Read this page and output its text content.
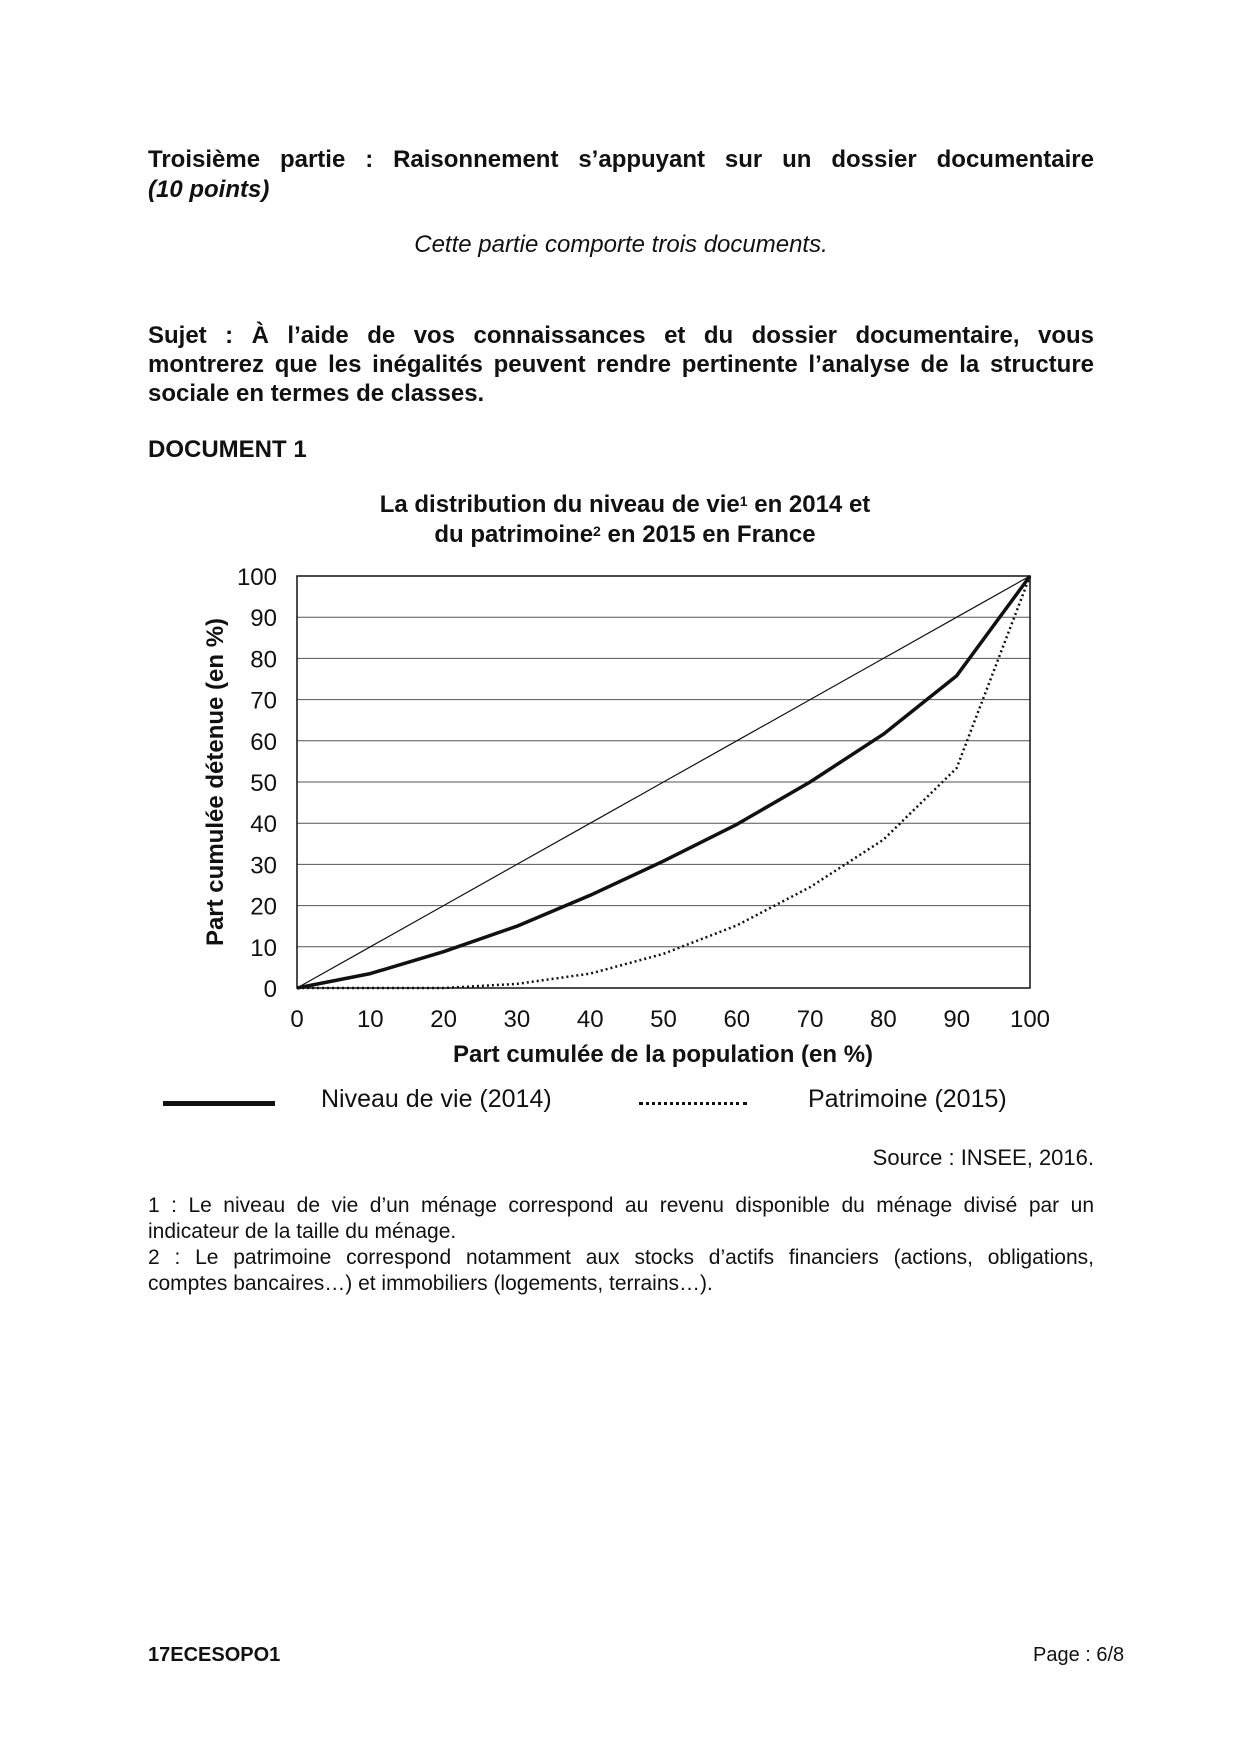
Troisième partie : Raisonnement s’appuyant sur un dossier documentaire
(10 points)
Cette partie comporte trois documents.
Sujet : À l’aide de vos connaissances et du dossier documentaire, vous
montrerez que les inégalités peuvent rendre pertinente l’analyse de la structure
sociale en termes de classes.
DOCUMENT 1
La distribution du niveau de vie$^1$ en 2014 et
du patrimoine$^2$ en 2015 en France
0
10
20
30
40
50
60
70
80
90
100
0 10 20 30 40 50 60 70 80 90 100
Part cumulée détenue (en %)
Part cumulée de la population (en %)
Niveau de vie (2014)	Patrimoine (2015)
Source : INSEE, 2016.
1 : Le niveau de vie d’un ménage correspond au revenu disponible du ménage divisé par un
indicateur de la taille du ménage.
2 : Le patrimoine correspond notamment aux stocks d’actifs financiers (actions, obligations,
comptes bancaires…) et immobiliers (logements, terrains…).
17ECESOPO1	Page : 6/8
